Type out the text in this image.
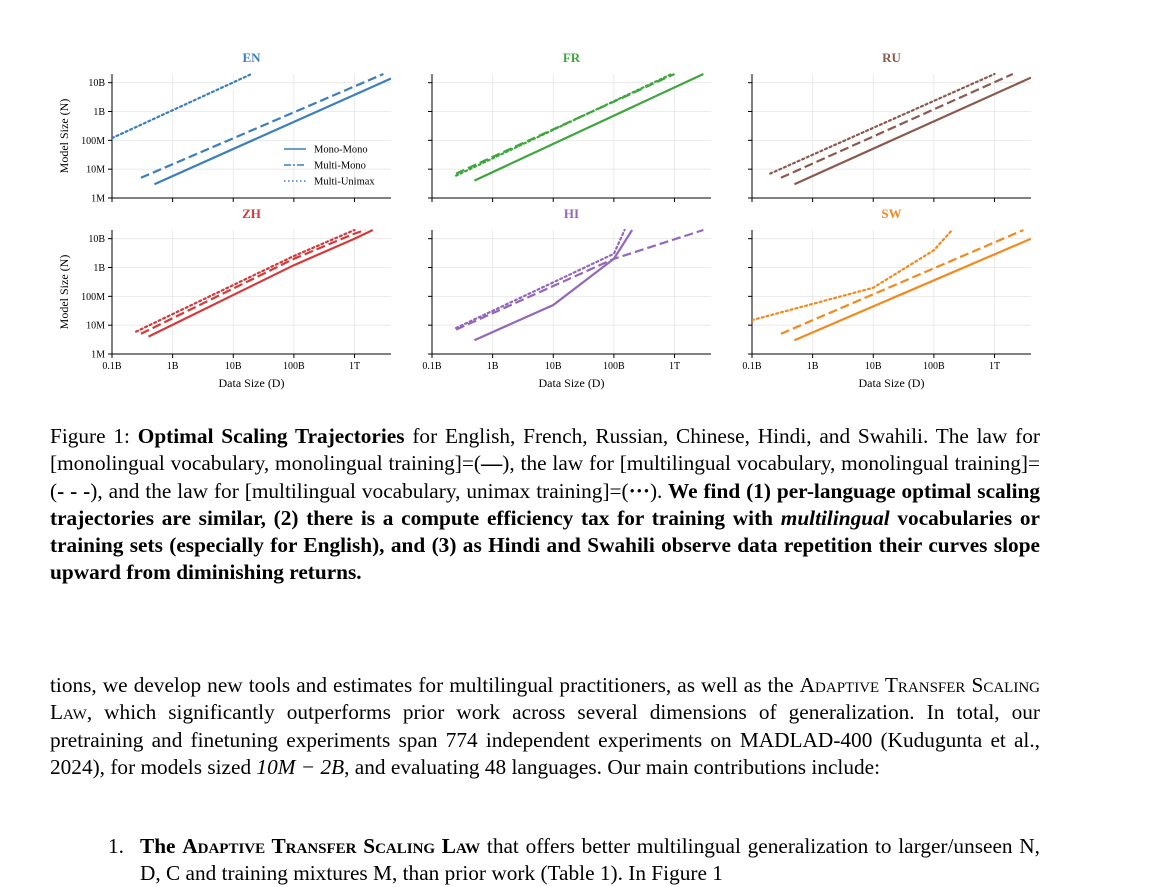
1M
10M
100M
1B
10B
EN
Model Size (N)	Mono-Mono
Multi-Mono
Multi-Unimax
FR	RU
0.1B	1B	10B	100B	1T
1M
10M
100M
1B
10B
ZH
Model Size (N)
Data Size (D)
0.1B	1B	10B	100B	1T
HI
Data Size (D)
0.1B	1B	10B	100B	1T
SW
Data Size (D)
Figure 1: Optimal Scaling Trajectories for English, French, Russian, Chinese, Hindi, and Swahili. The law for [monolingual vocabulary, monolingual training]=(—), the law for [multilingual vocabulary, monolingual training]=(- - -), and the law for [multilingual vocabulary, unimax training]=(···). We find (1) per-language optimal scaling trajectories are similar, (2) there is a compute efficiency tax for training with multilingual vocabularies or training sets (especially for English), and (3) as Hindi and Swahili observe data repetition their curves slope upward from diminishing returns.
tions, we develop new tools and estimates for multilingual practitioners, as well as the Adaptive Transfer Scaling Law, which significantly outperforms prior work across several dimensions of generalization. In total, our pretraining and finetuning experiments span 774 independent experiments on MADLAD-400 (Kudugunta et al., 2024), for models sized 10M − 2B, and evaluating 48 languages. Our main contributions include:
1. The Adaptive Transfer Scaling Law that offers better multilingual generalization to larger/unseen N, D, C and training mixtures M, than prior work (Table 1). In Figure 1
